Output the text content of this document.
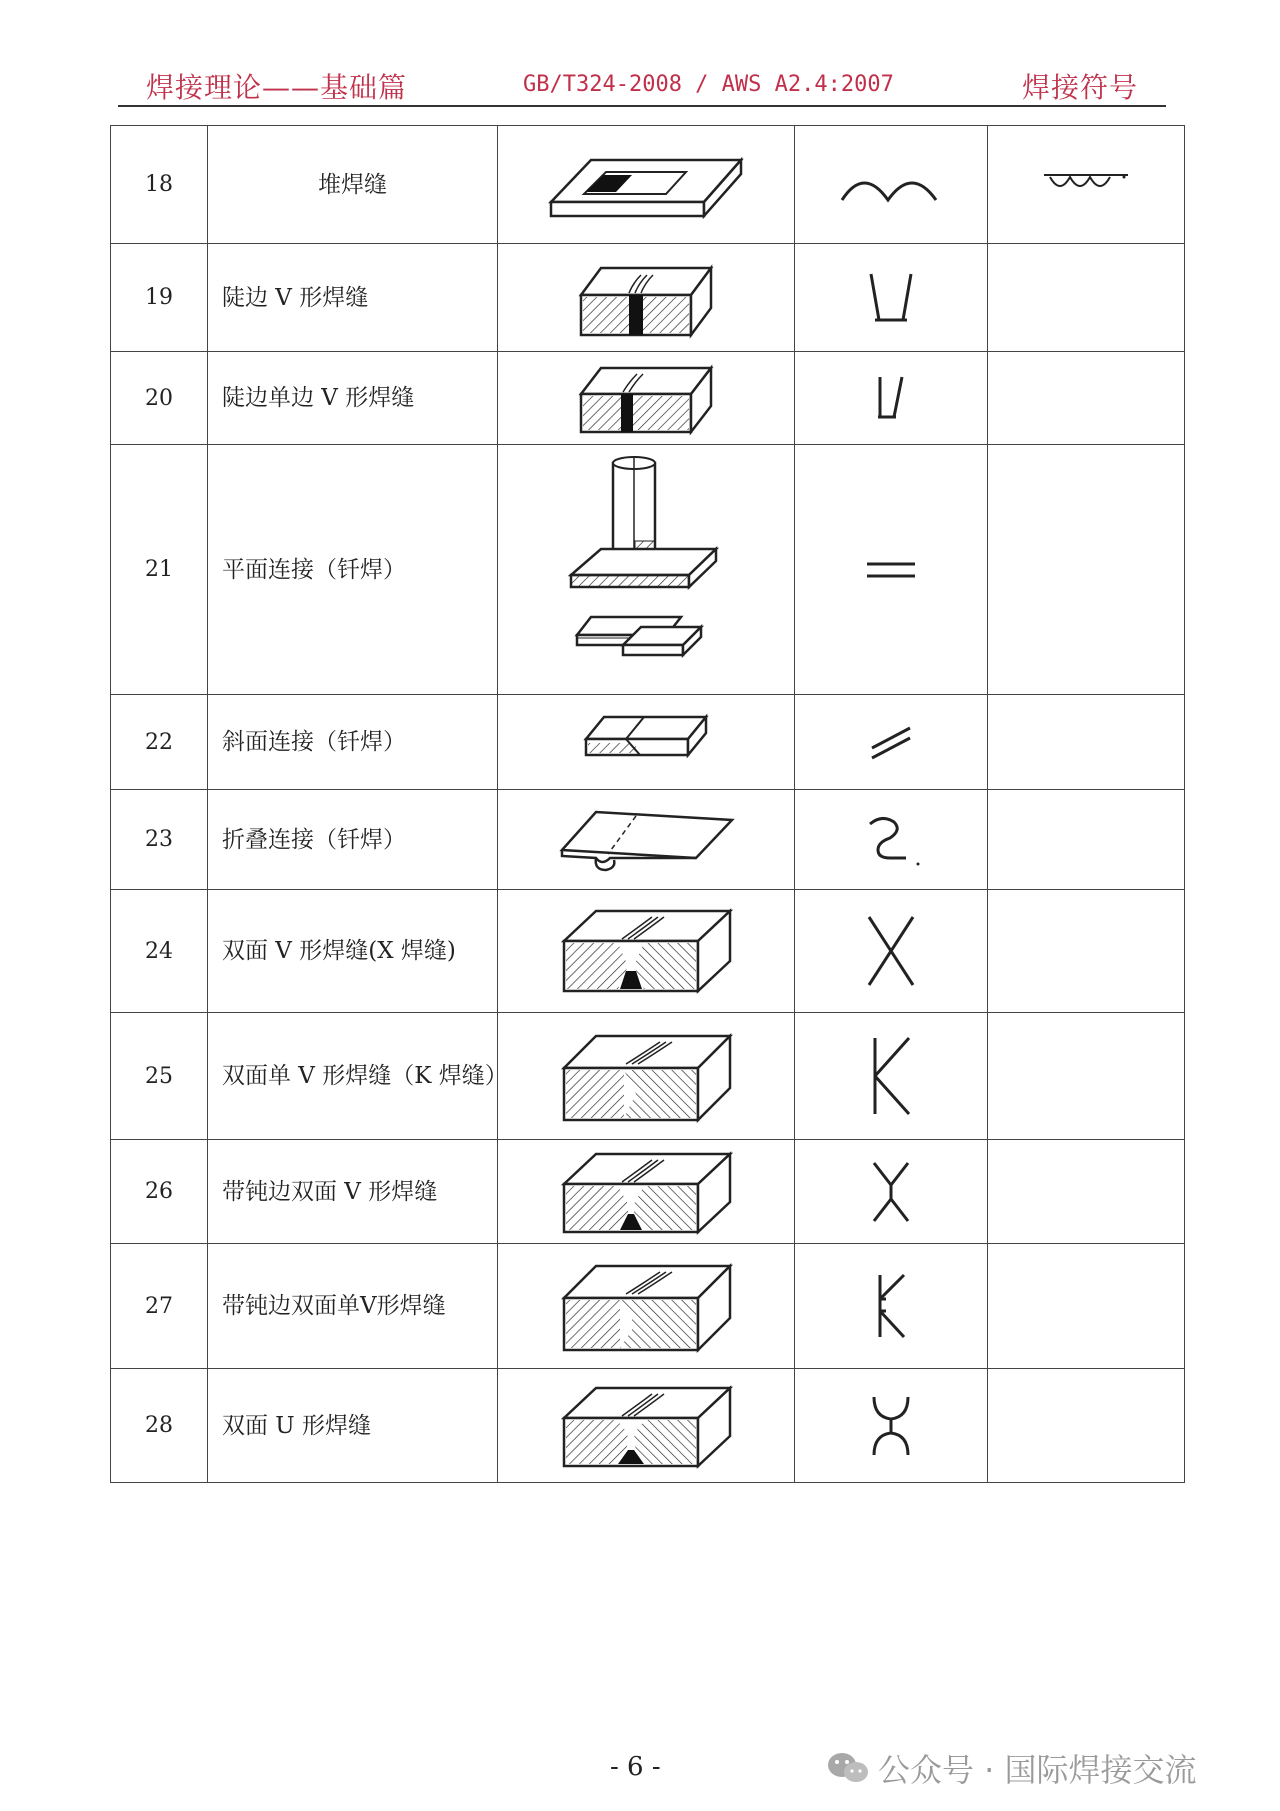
焊接理论——基础篇	GB/T324-2008 / AWS A2.4:2007	焊接符号
18	堆焊缝	

19	陡边 V 形焊缝	

20	陡边单边 V 形焊缝	

21	平面连接（钎焊）	

22	斜面连接（钎焊）	

23	折叠连接（钎焊）	

24	双面 V 形焊缝(X 焊缝)	

25	双面单 V 形焊缝（K 焊缝）	

26	带钝边双面 V 形焊缝	

27	带钝边双面单V形焊缝	

28	双面 U 形焊缝	

- 6 -	公众号 · 国际焊接交流
